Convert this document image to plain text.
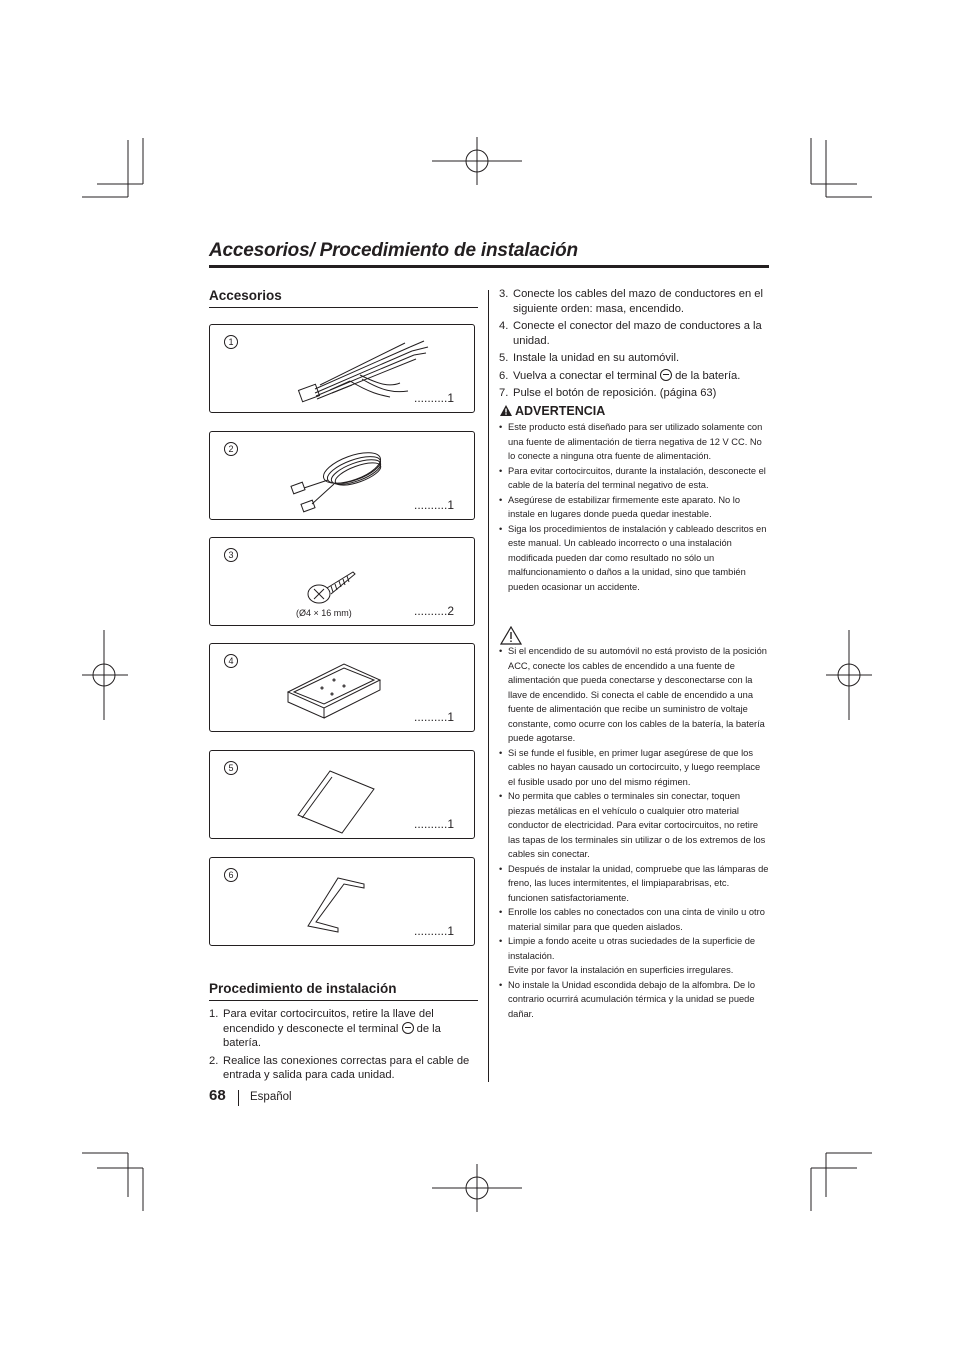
Accesorios/ Procedimiento de instalación
Accesorios
1
..........1
2
..........1
3
(Ø4 × 16 mm)	..........2
4
..........1
5
..........1
6
..........1
Procedimiento de instalación
1. Para evitar cortocircuitos, retire la llave del encendido y desconecte el terminal de la batería.
2. Realice las conexiones correctas para el cable de entrada y salida para cada unidad.
3. Conecte los cables del mazo de conductores en el siguiente orden: masa, encendido.
4. Conecte el conector del mazo de conductores a la unidad.
5. Instale la unidad en su automóvil.
6. Vuelva a conectar el terminal de la batería.
7. Pulse el botón de reposición. (página 63)
ADVERTENCIA
• Este producto está diseñado para ser utilizado solamente con una fuente de alimentación de tierra negativa de 12 V CC. No lo conecte a ninguna otra fuente de alimentación.
• Para evitar cortocircuitos, durante la instalación, desconecte el cable de la batería del terminal negativo de esta.
• Asegúrese de estabilizar firmemente este aparato. No lo instale en lugares donde pueda quedar inestable.
• Siga los procedimientos de instalación y cableado descritos en este manual. Un cableado incorrecto o una instalación modificada pueden dar como resultado no sólo un malfuncionamiento o daños a la unidad, sino que también pueden ocasionar un accidente.
• Si el encendido de su automóvil no está provisto de la posición ACC, conecte los cables de encendido a una fuente de alimentación que pueda conectarse y desconectarse con la llave de encendido. Si conecta el cable de encendido a una fuente de alimentación que recibe un suministro de voltaje constante, como ocurre con los cables de la batería, la batería puede agotarse.
• Si se funde el fusible, en primer lugar asegúrese de que los cables no hayan causado un cortocircuito, y luego reemplace el fusible usado por uno del mismo régimen.
• No permita que cables o terminales sin conectar, toquen piezas metálicas en el vehículo o cualquier otro material conductor de electricidad. Para evitar cortocircuitos, no retire las tapas de los terminales sin utilizar o de los extremos de los cables sin conectar.
• Después de instalar la unidad, compruebe que las lámparas de freno, las luces intermitentes, el limpiaparabrisas, etc. funcionen satisfactoriamente.
• Enrolle los cables no conectados con una cinta de vinilo u otro material similar para que queden aislados.
• Limpie a fondo aceite u otras suciedades de la superficie de instalación.
Evite por favor la instalación en superficies irregulares.
• No instale la Unidad escondida debajo de la alfombra. De lo contrario ocurrirá acumulación térmica y la unidad se puede dañar.
68 Español
